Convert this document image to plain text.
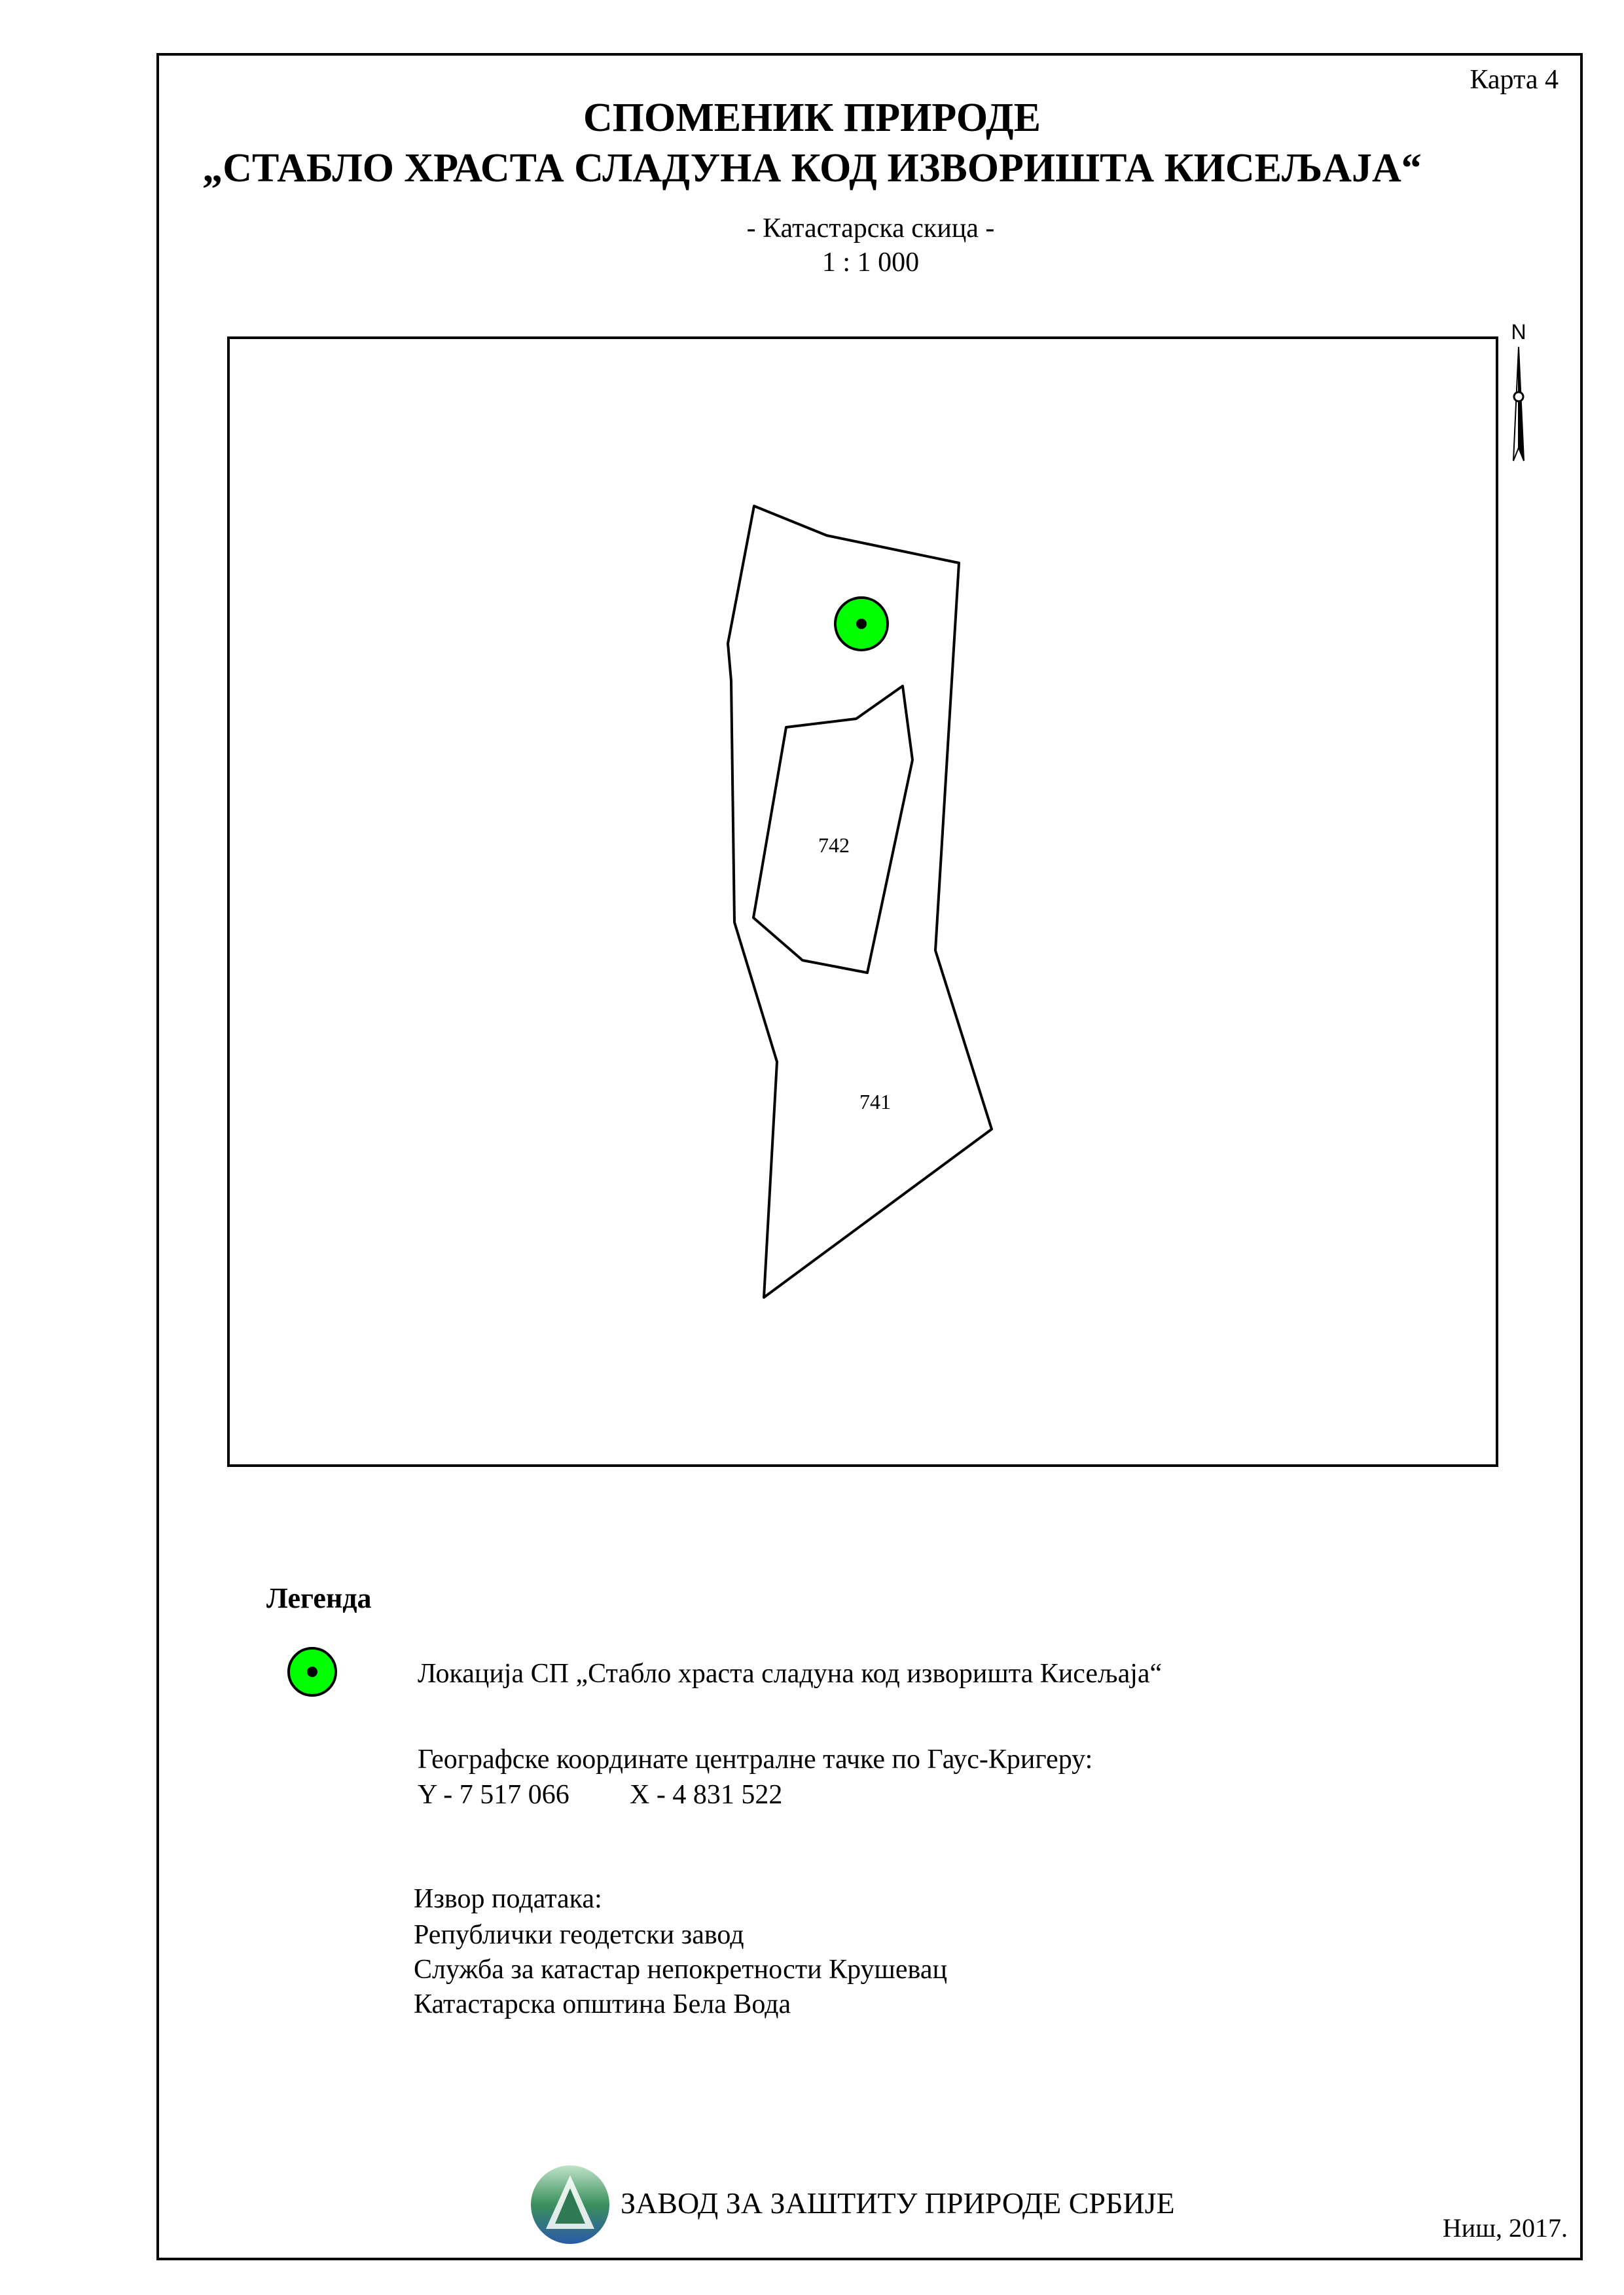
Карта 4
СПОМЕНИК ПРИРОДЕ
„СТАБЛО ХРАСТА СЛАДУНА КОД ИЗВОРИШТА КИСЕЉАЈА“
- Катастарска скица -
1 : 1 000
742
741
N
Легенда
Локација СП „Стабло храста сладуна код изворишта Кисељаја“
Географске координате централне тачке по Гаус-Кригеру:
Y - 7 517 066 X - 4 831 522
Извор података:
Републички геодетски завод
Служба за катастар непокретности Крушевац
Катастарска општина Бела Вода
ЗАВОД ЗА ЗАШТИТУ ПРИРОДЕ СРБИЈЕ
Ниш, 2017.
